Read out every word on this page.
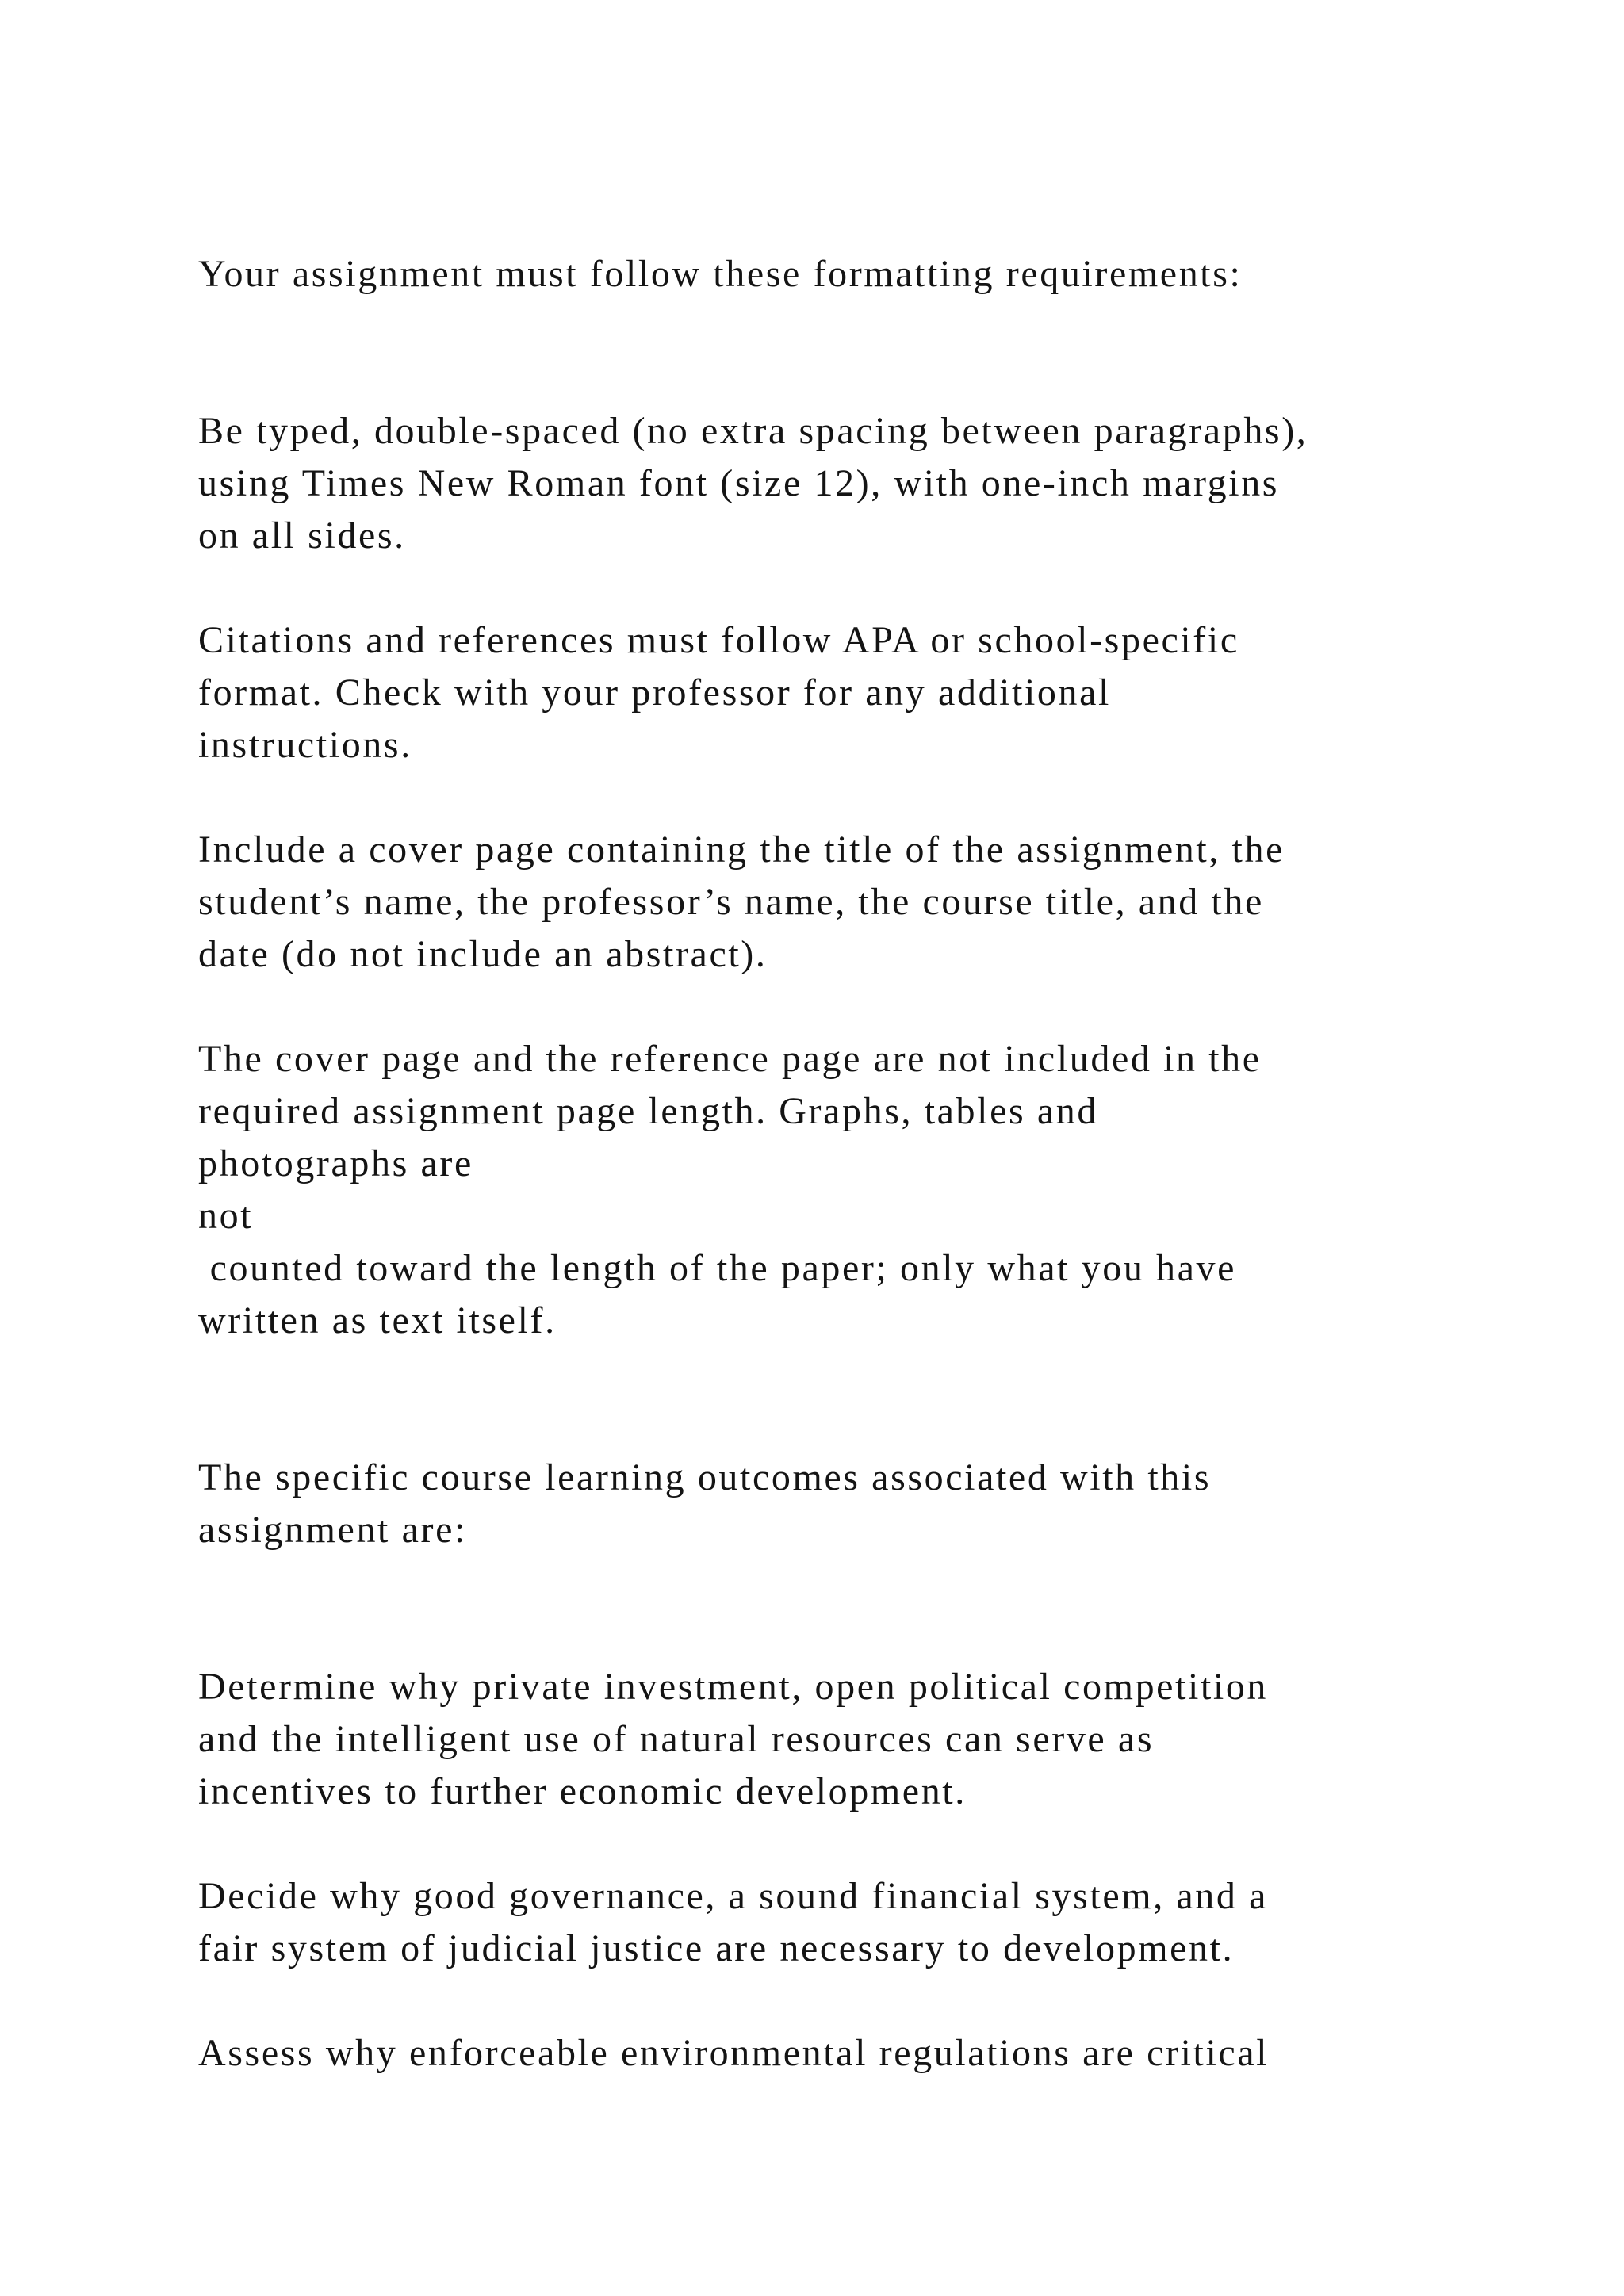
Your assignment must follow these formatting requirements:

Be typed, double-spaced (no extra spacing between paragraphs),

using Times New Roman font (size 12), with one-inch margins

on all sides.

Citations and references must follow APA or school-specific

format. Check with your professor for any additional

instructions.

Include a cover page containing the title of the assignment, the

student’s name, the professor’s name, the course title, and the

date (do not include an abstract).

The cover page and the reference page are not included in the

required assignment page length. Graphs, tables and

photographs are

not

counted toward the length of the paper; only what you have

written as text itself.

The specific course learning outcomes associated with this

assignment are:

Determine why private investment, open political competition

and the intelligent use of natural resources can serve as

incentives to further economic development.

Decide why good governance, a sound financial system, and a

fair system of judicial justice are necessary to development.

Assess why enforceable environmental regulations are critical
